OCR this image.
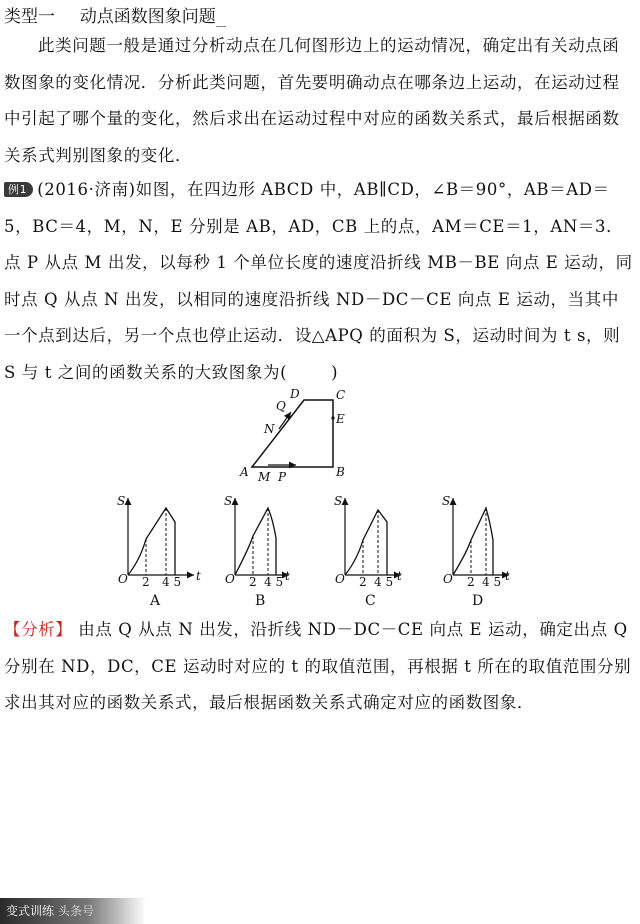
类型一 动点函数图象问题
此类问题一般是通过分析动点在几何图形边上的运动情况，确定出有关动点函数图象的变化情况．分析此类问题，首先要明确动点在哪条边上运动，在运动过程中引起了哪个量的变化，然后求出在运动过程中对应的函数关系式，最后根据函数关系式判别图象的变化．
例1 (2016·济南)如图，在四边形 ABCD 中，AB∥CD，∠B＝90°，AB＝AD＝5，BC＝4，M，N，E 分别是 AB，AD，CB 上的点，AM＝CE＝1，AN＝3．点 P 从点 M 出发，以每秒 1 个单位长度的速度沿折线 MB－BE 向点 E 运动，同时点 Q 从点 N 出发，以相同的速度沿折线 ND－DC－CE 向点 E 运动，当其中一个点到达后，另一个点也停止运动．设△APQ 的面积为 S，运动时间为 t s，则 S 与 t 之间的函数关系的大致图象为(	)
A	B
C
D
E
M P
N
Q
S
t
O 2 4 5
A
S
t
O 2 4 5
B
S
t
O 2 4 5
C
S
t
O 2 4 5
D
【分析】 由点 Q 从点 N 出发，沿折线 ND－DC－CE 向点 E 运动，确定出点 Q 分别在 ND，DC，CE 运动时对应的 t 的取值范围，再根据 t 所在的取值范围分别求出其对应的函数关系式，最后根据函数关系式确定对应的函数图象．
变式训练 头条号
